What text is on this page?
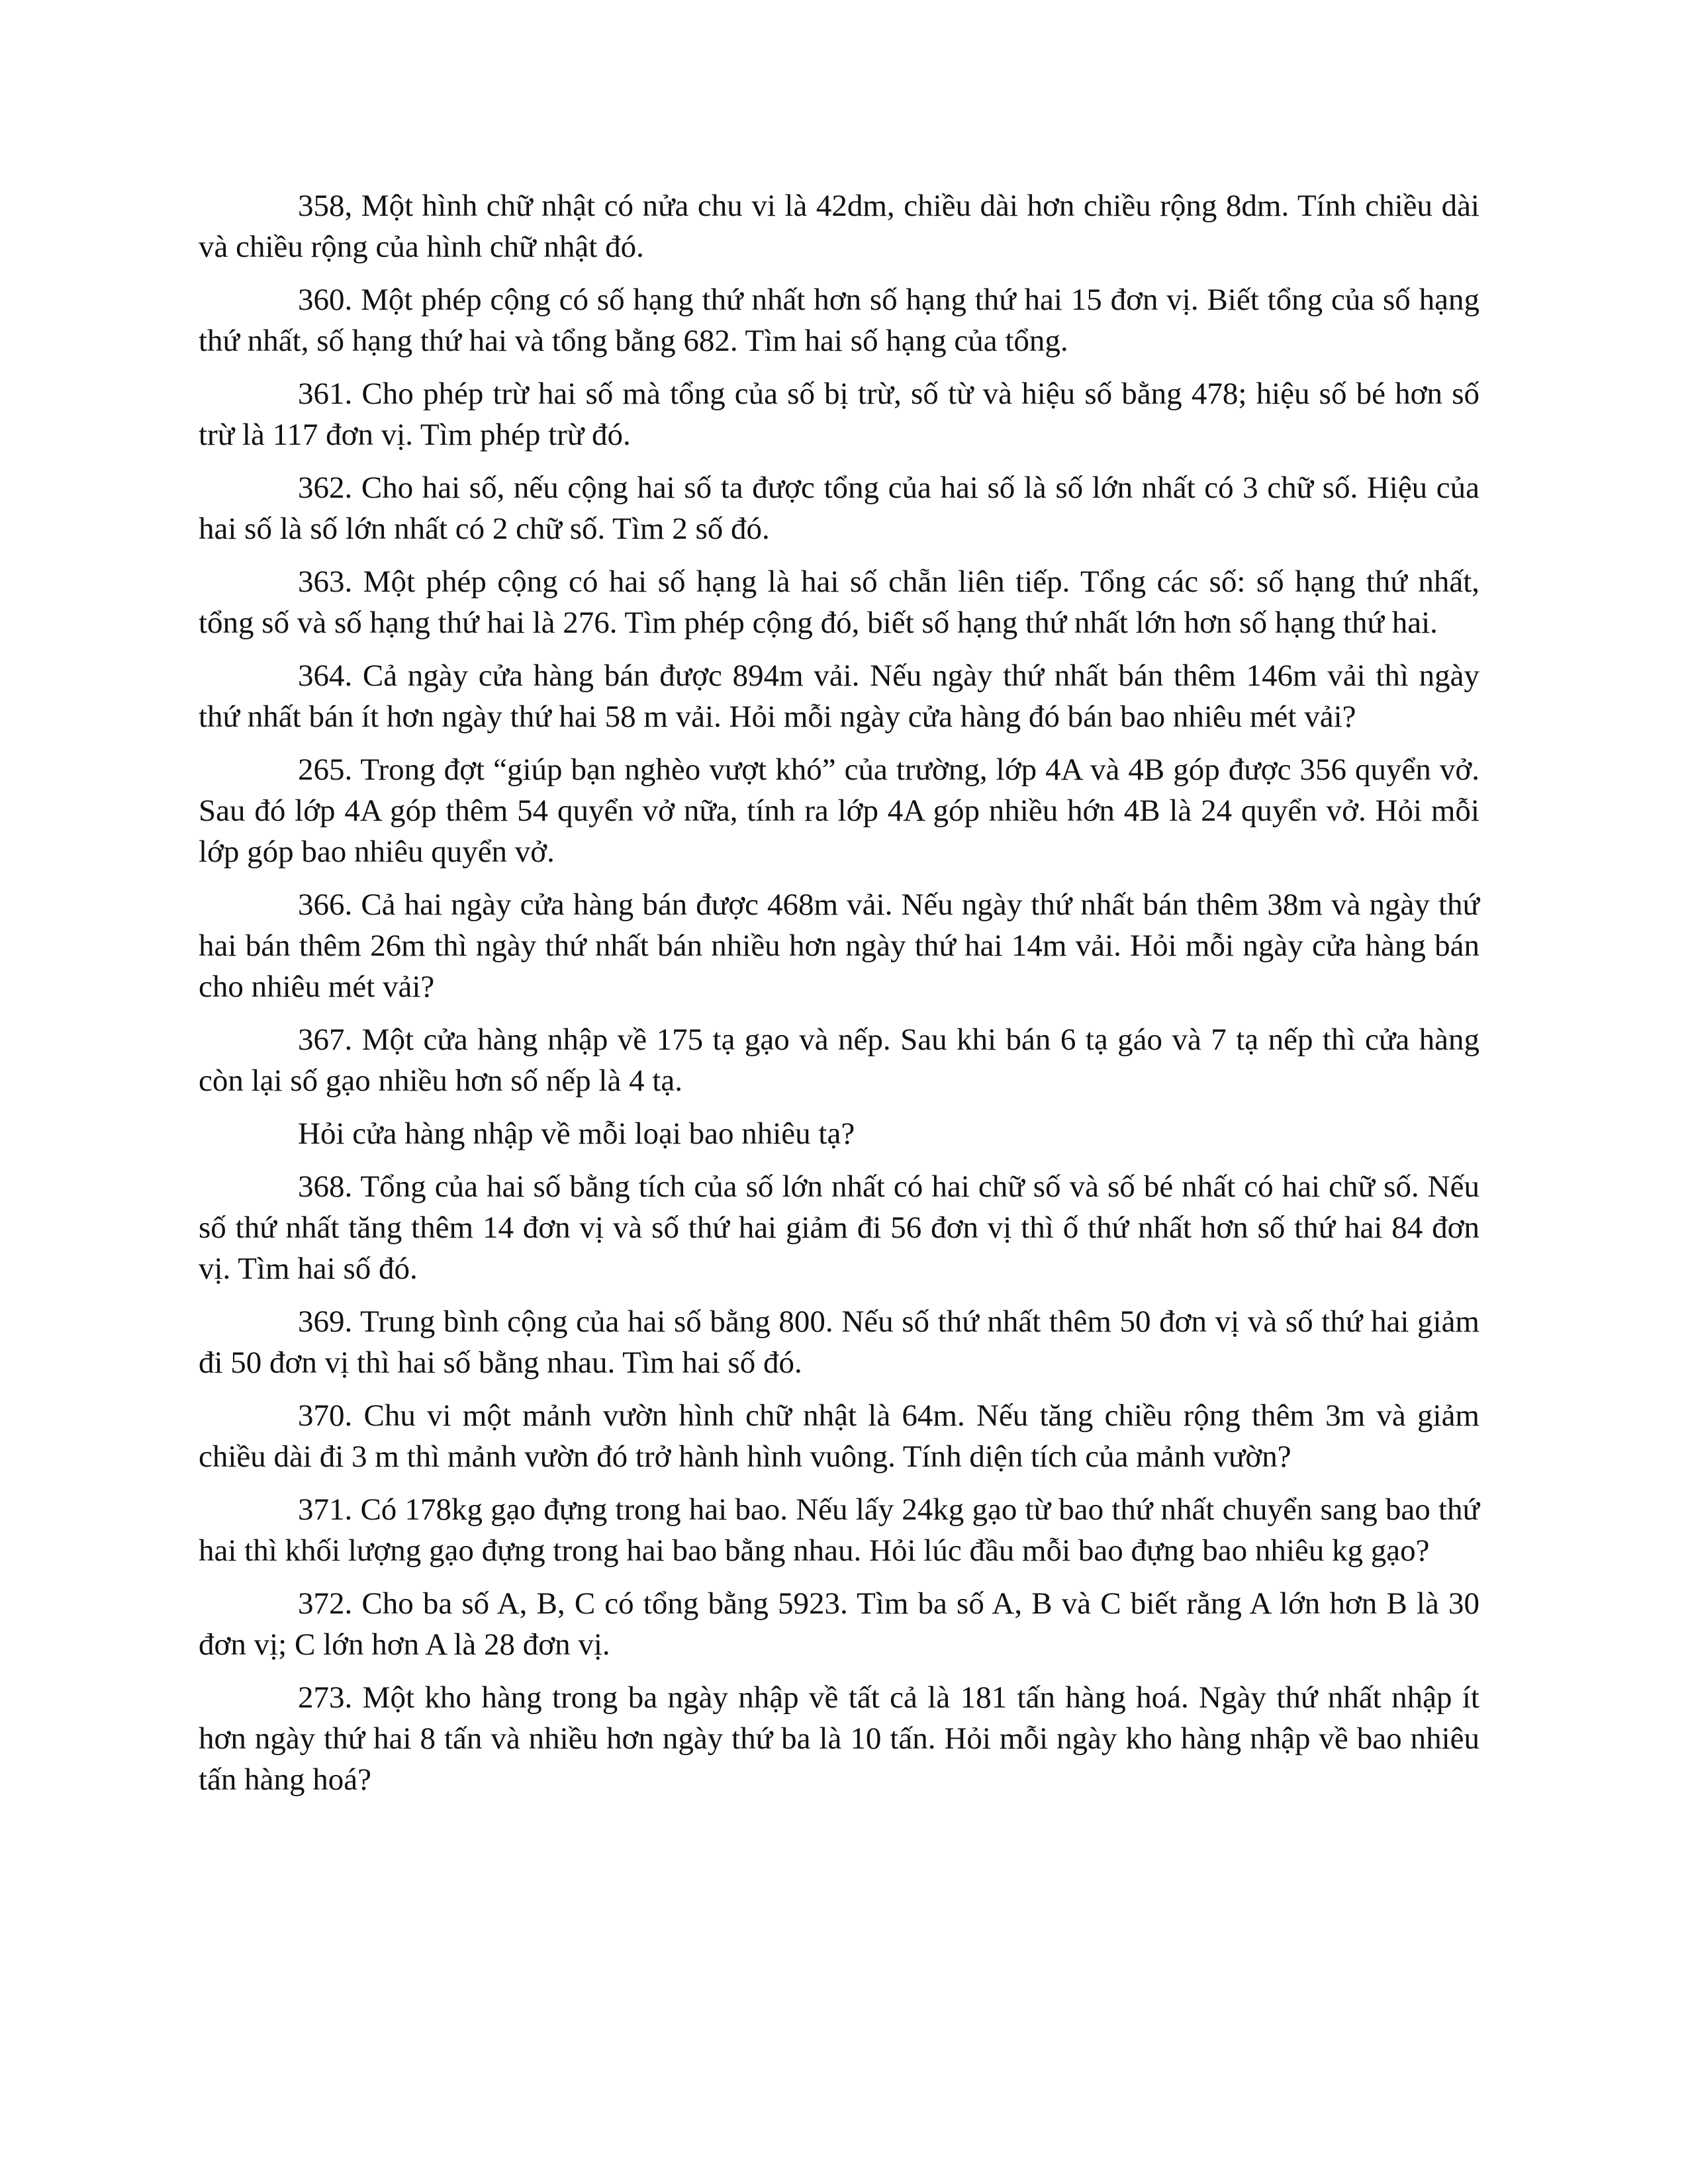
358, Một hình chữ nhật có nửa chu vi là 42dm, chiều dài hơn chiều rộng 8dm. Tính chiều dài và chiều rộng của hình chữ nhật đó.

360. Một phép cộng có số hạng thứ nhất hơn số hạng thứ hai 15 đơn vị. Biết tổng của số hạng thứ nhất, số hạng thứ hai và tổng bằng 682. Tìm hai số hạng của tổng.

361. Cho phép trừ hai số mà tổng của số bị trừ, số từ và hiệu số bằng 478; hiệu số bé hơn số trừ là 117 đơn vị. Tìm phép trừ đó.

362. Cho hai số, nếu cộng hai số ta được tổng của hai số là số lớn nhất có 3 chữ số. Hiệu của hai số là số lớn nhất có 2 chữ số. Tìm 2 số đó.

363. Một phép cộng có hai số hạng là hai số chẵn liên tiếp. Tổng các số: số hạng thứ nhất, tổng số và số hạng thứ hai là 276. Tìm phép cộng đó, biết số hạng thứ nhất lớn hơn số hạng thứ hai.

364. Cả ngày cửa hàng bán được 894m vải. Nếu ngày thứ nhất bán thêm 146m vải thì ngày thứ nhất bán ít hơn ngày thứ hai 58 m vải. Hỏi mỗi ngày cửa hàng đó bán bao nhiêu mét vải?

265. Trong đợt “giúp bạn nghèo vượt khó” của trường, lớp 4A và 4B góp được 356 quyển vở. Sau đó lớp 4A góp thêm 54 quyển vở nữa, tính ra lớp 4A góp nhiều hớn 4B là 24 quyển vở. Hỏi mỗi lớp góp bao nhiêu quyển vở.

366. Cả hai ngày cửa hàng bán được 468m vải. Nếu ngày thứ nhất bán thêm 38m và ngày thứ hai bán thêm 26m thì ngày thứ nhất bán nhiều hơn ngày thứ hai 14m vải. Hỏi mỗi ngày cửa hàng bán cho nhiêu mét vải?

367. Một cửa hàng nhập về 175 tạ gạo và nếp. Sau khi bán 6 tạ gáo và 7 tạ nếp thì cửa hàng còn lại số gạo nhiều hơn số nếp là 4 tạ.

Hỏi cửa hàng nhập về mỗi loại bao nhiêu tạ?

368. Tổng của hai số bằng tích của số lớn nhất có hai chữ số và số bé nhất có hai chữ số. Nếu số thứ nhất tăng thêm 14 đơn vị và số thứ hai giảm đi 56 đơn vị thì ố thứ nhất hơn số thứ hai 84 đơn vị. Tìm hai số đó.

369. Trung bình cộng của hai số bằng 800. Nếu số thứ nhất thêm 50 đơn vị và số thứ hai giảm đi 50 đơn vị thì hai số bằng nhau. Tìm hai số đó.

370. Chu vi một mảnh vườn hình chữ nhật là 64m. Nếu tăng chiều rộng thêm 3m và giảm chiều dài đi 3 m thì mảnh vườn đó trở hành hình vuông. Tính diện tích của mảnh vườn?

371. Có 178kg gạo đựng trong hai bao. Nếu lấy 24kg gạo từ bao thứ nhất chuyển sang bao thứ hai thì khối lượng gạo đựng trong hai bao bằng nhau. Hỏi lúc đầu mỗi bao đựng bao nhiêu kg gạo?

372. Cho ba số A, B, C có tổng bằng 5923. Tìm ba số A, B và C biết rằng A lớn hơn B là 30 đơn vị; C lớn hơn A là 28 đơn vị.

273. Một kho hàng trong ba ngày nhập về tất cả là 181 tấn hàng hoá. Ngày thứ nhất nhập ít hơn ngày thứ hai 8 tấn và nhiều hơn ngày thứ ba là 10 tấn. Hỏi mỗi ngày kho hàng nhập về bao nhiêu tấn hàng hoá?
